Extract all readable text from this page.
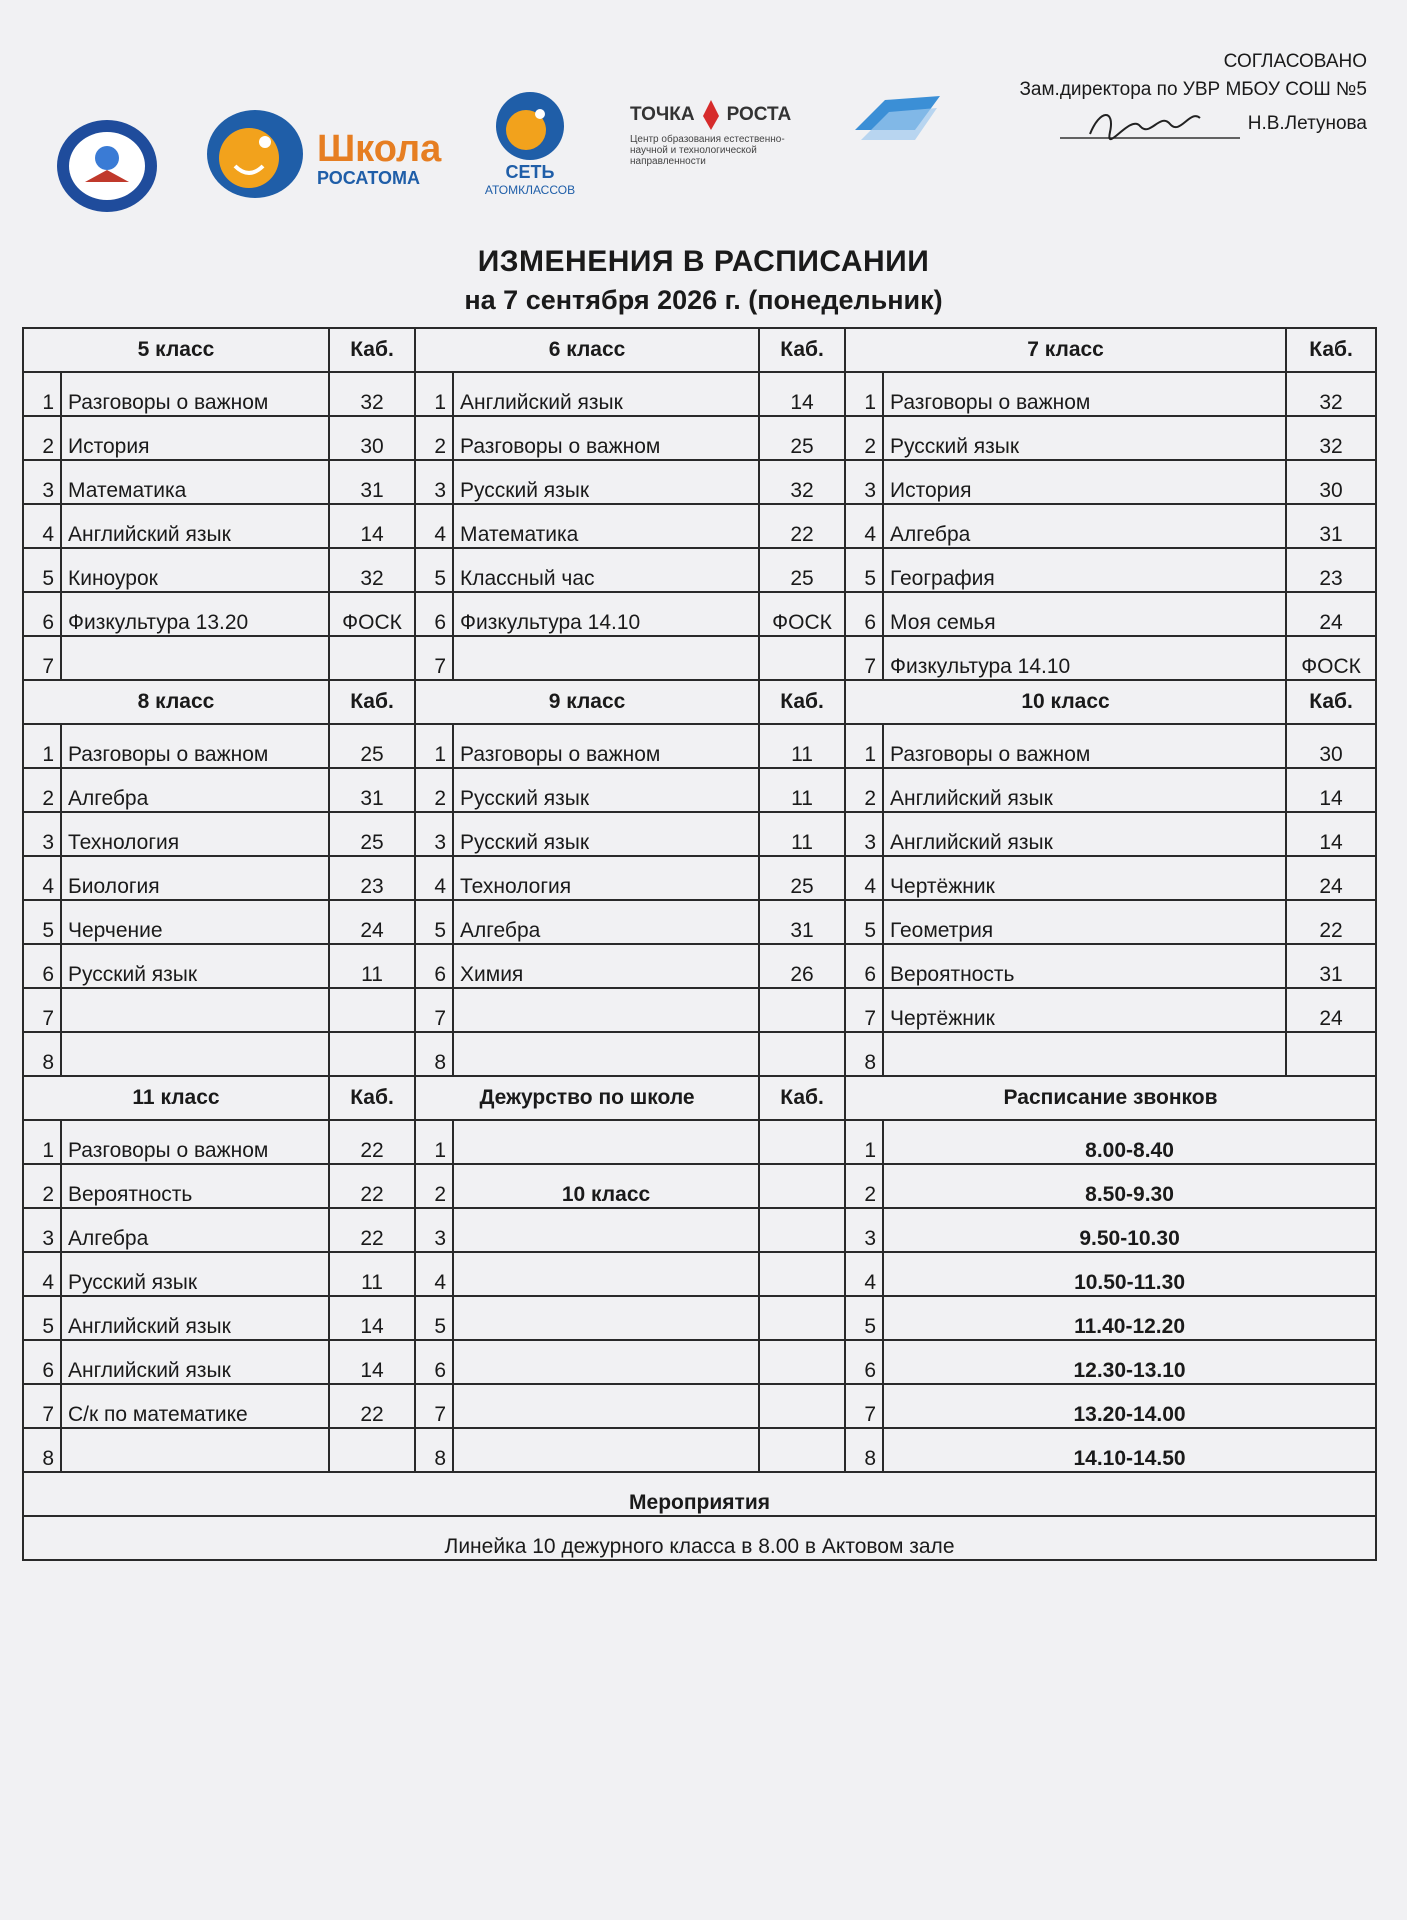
СОГЛАСОВАНО
Зам.директора по УВР МБОУ СОШ №5
Н.В.Летунова
Школа
РОСАТОМА	СЕТЬ
АТОМКЛАССОВ
ТОЧКА РОСТА
Центр образования естественно-
научной и технологической
направленности
ИЗМЕНЕНИЯ В РАСПИСАНИИ
на 7 сентября 2026 г. (понедельник)
5 класс		Каб.	6 класс		Каб.	7 класс		Каб.
1	Разговоры о важном	32	1	Английский язык	14	1	Разговоры о важном	32
2	История	30	2	Разговоры о важном	25	2	Русский язык	32
3	Математика	31	3	Русский язык	32	3	История	30
4	Английский язык	14	4	Математика	22	4	Алгебра	31
5	Киноурок	32	5	Классный час	25	5	География	23
6	Физкультура 13.20	ФОСК	6	Физкультура 14.10	ФОСК	6	Моя семья	24
7			7			7	Физкультура 14.10	ФОСК
8 класс		Каб.	9 класс		Каб.	10 класс		Каб.
1	Разговоры о важном	25	1	Разговоры о важном	11	1	Разговоры о важном	30
2	Алгебра	31	2	Русский язык	11	2	Английский язык	14
3	Технология	25	3	Русский язык	11	3	Английский язык	14
4	Биология	23	4	Технология	25	4	Чертёжник	24
5	Черчение	24	5	Алгебра	31	5	Геометрия	22
6	Русский язык	11	6	Химия	26	6	Вероятность	31
7			7			7	Чертёжник	24
8			8			8		
11 класс		Каб.	Дежурство по школе		Каб.	Расписание звонков		
1	Разговоры о важном	22	1			1	8.00-8.40	
2	Вероятность	22	2	10 класс		2	8.50-9.30	
3	Алгебра	22	3			3	9.50-10.30	
4	Русский язык	11	4			4	10.50-11.30	
5	Английский язык	14	5			5	11.40-12.20	
6	Английский язык	14	6			6	12.30-13.10	
7	С/к по математике	22	7			7	13.20-14.00	
8			8			8	14.10-14.50	
Мероприятия								
Линейка 10 дежурного класса в 8.00 в Актовом зале								
